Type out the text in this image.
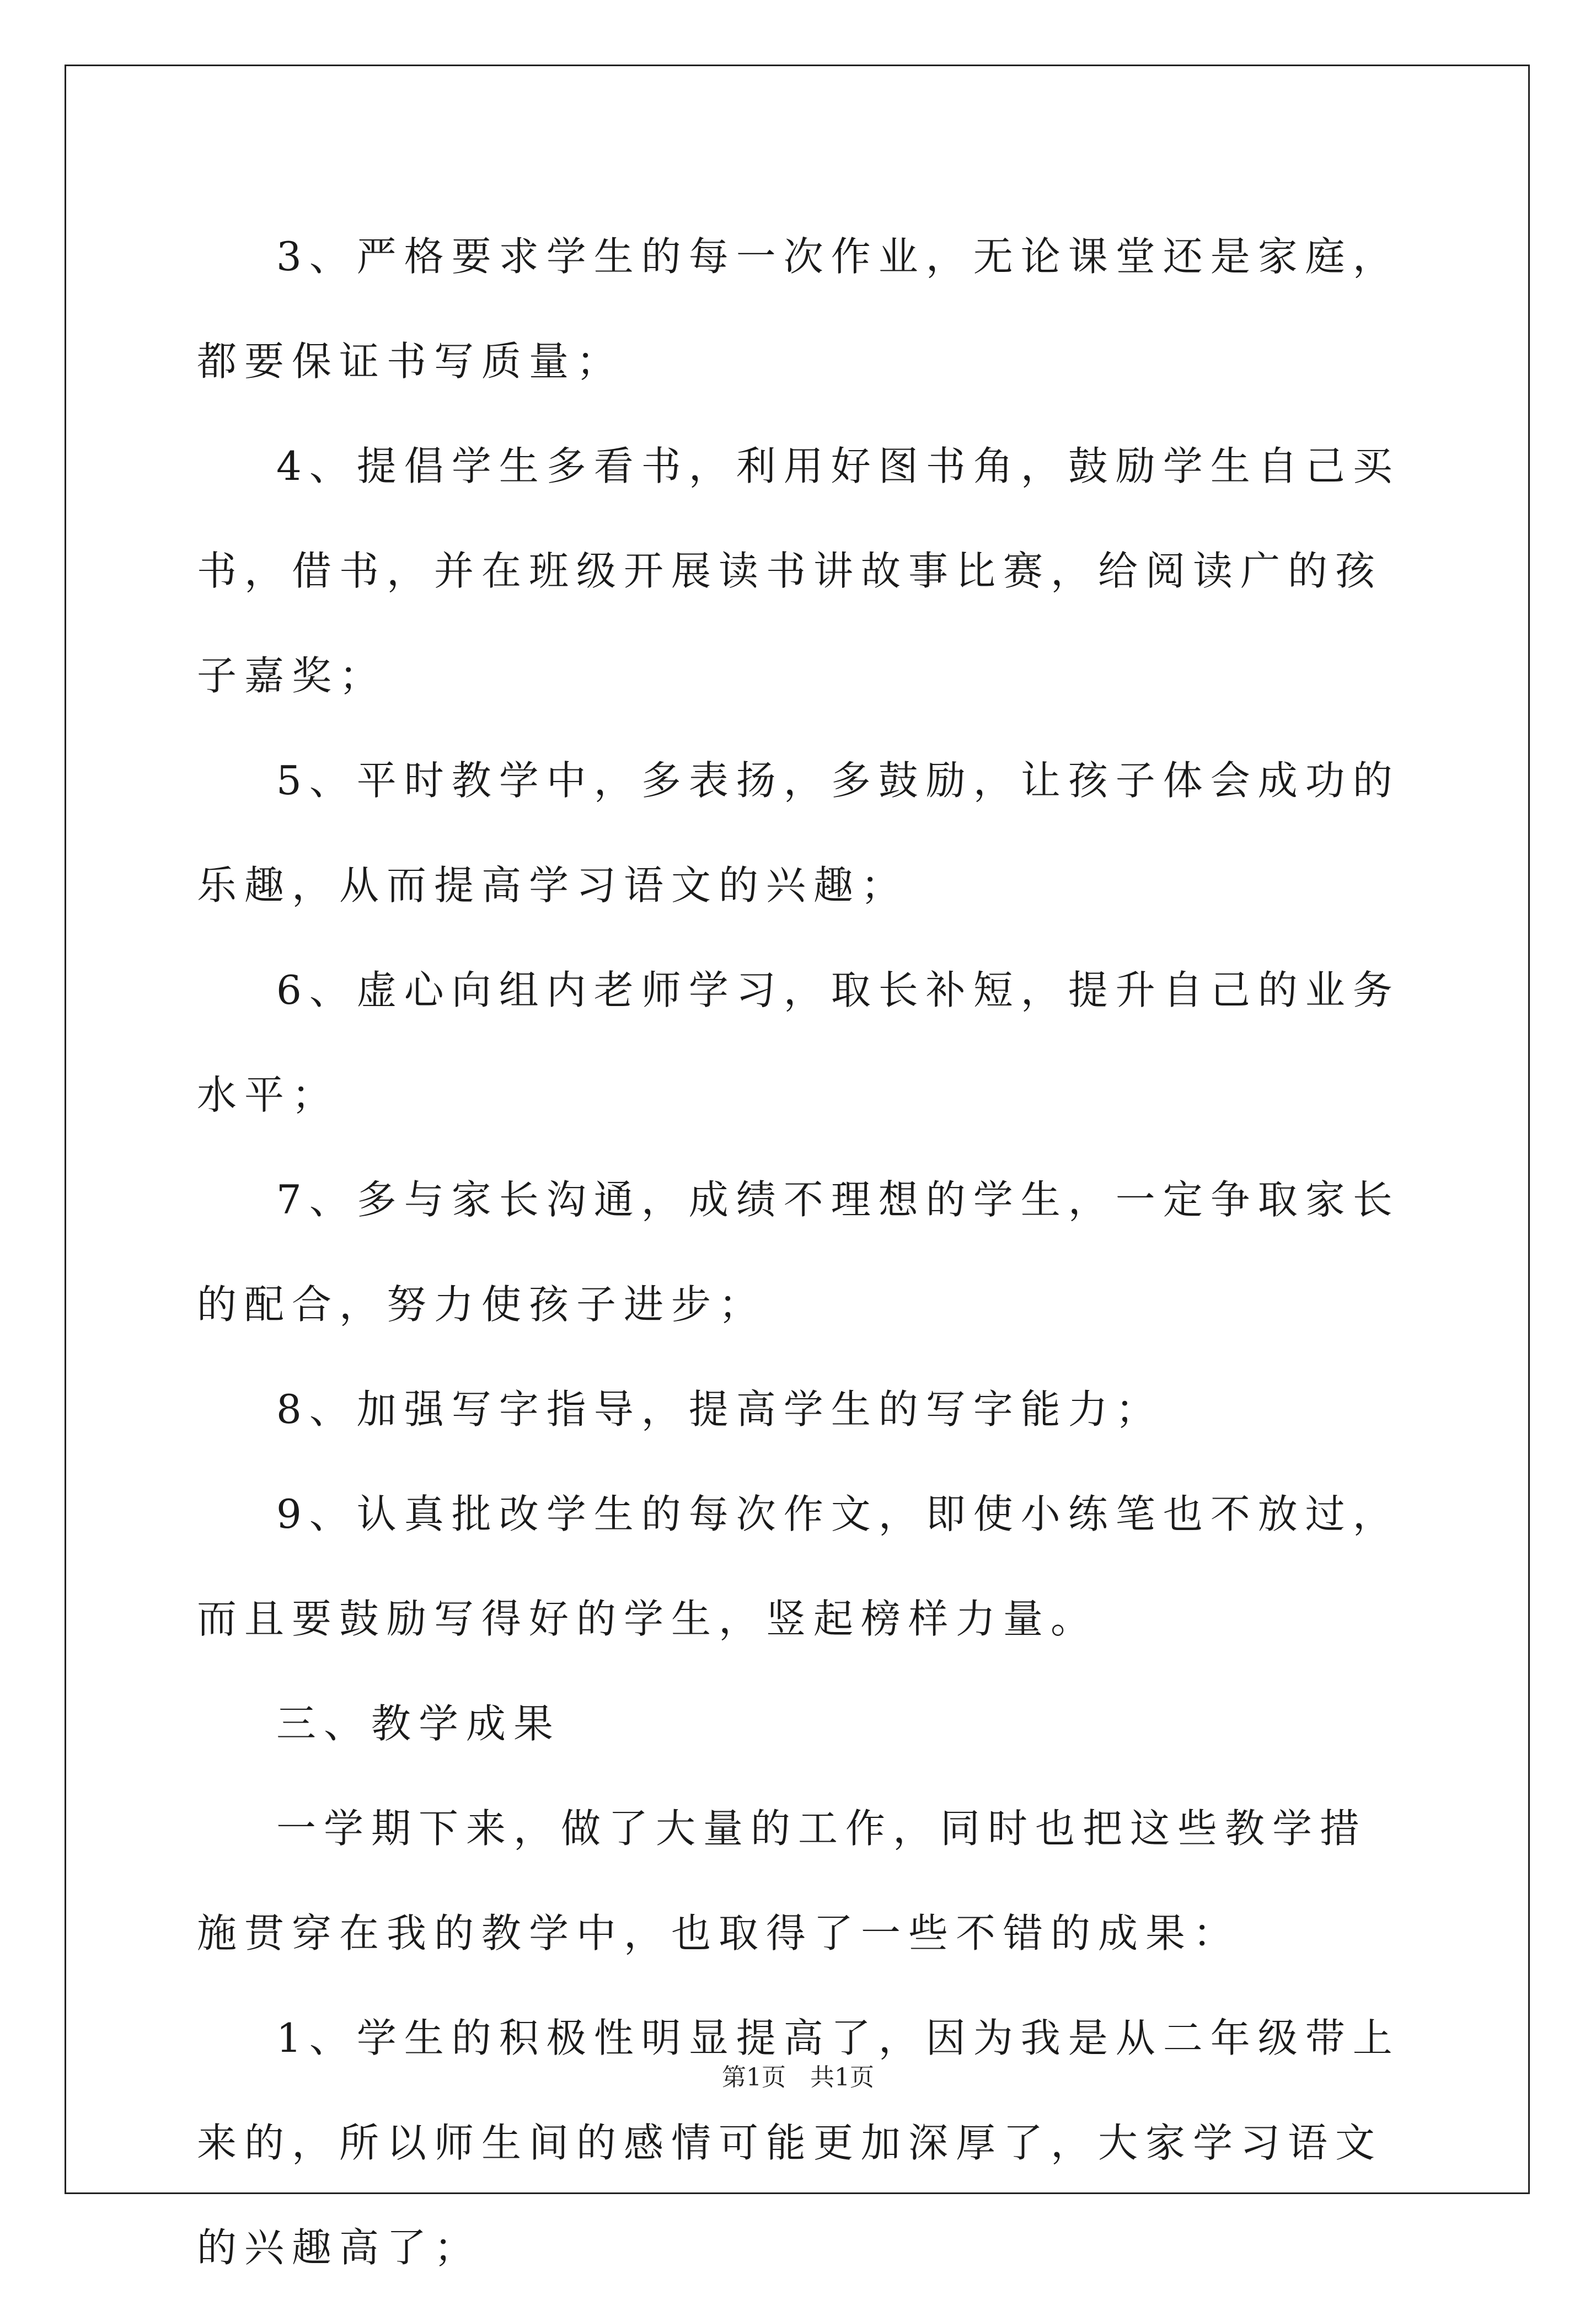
3、严格要求学生的每一次作业，无论课堂还是家庭，都要保证书写质量；

4、提倡学生多看书，利用好图书角，鼓励学生自己买书，借书，并在班级开展读书讲故事比赛，给阅读广的孩子嘉奖；

5、平时教学中，多表扬，多鼓励，让孩子体会成功的乐趣，从而提高学习语文的兴趣；

6、虚心向组内老师学习，取长补短，提升自己的业务水平；

7、多与家长沟通，成绩不理想的学生，一定争取家长的配合，努力使孩子进步；

8、加强写字指导，提高学生的写字能力；

9、认真批改学生的每次作文，即使小练笔也不放过，而且要鼓励写得好的学生，竖起榜样力量。

三、教学成果

一学期下来，做了大量的工作，同时也把这些教学措施贯穿在我的教学中，也取得了一些不错的成果：

1、学生的积极性明显提高了，因为我是从二年级带上来的，所以师生间的感情可能更加深厚了，大家学习语文的兴趣高了；

第1页　共1页
